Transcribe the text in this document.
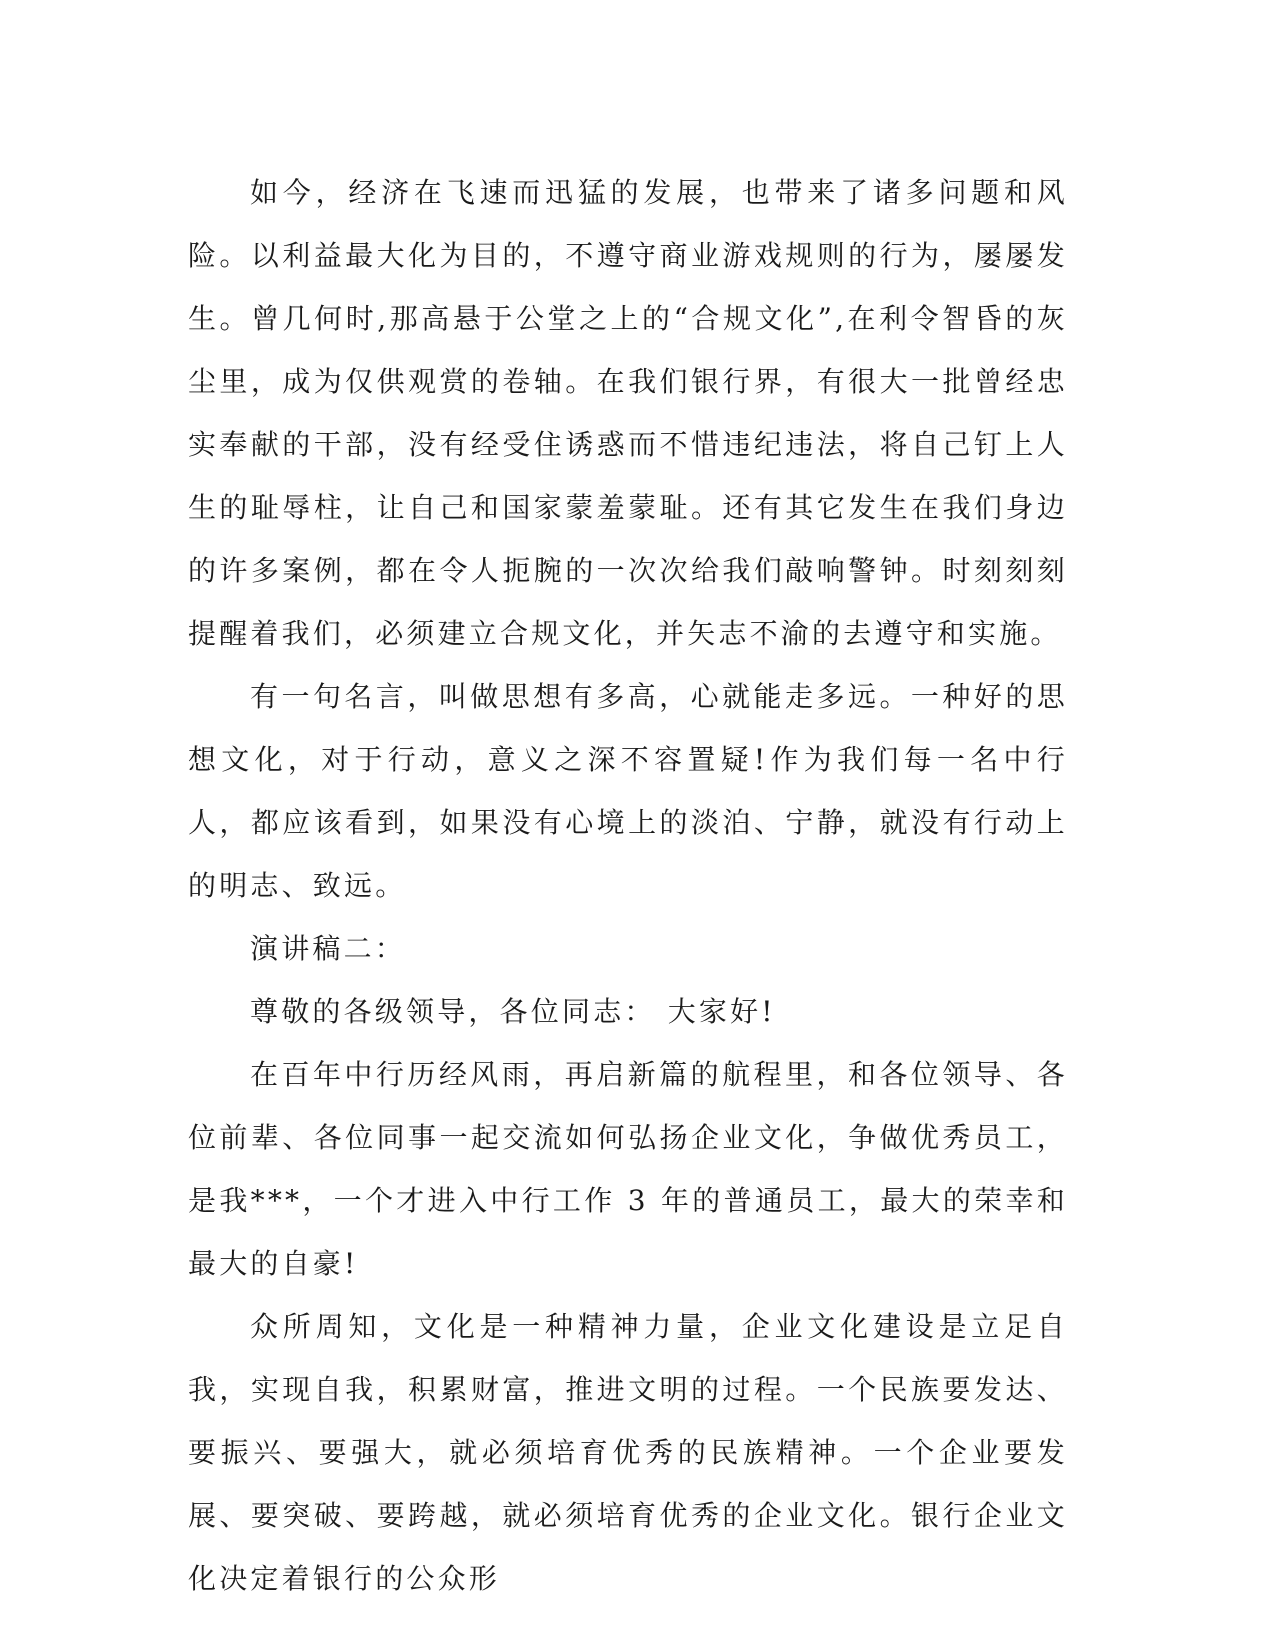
如今，经济在飞速而迅猛的发展，也带来了诸多问题和风险。以利益最大化为目的，不遵守商业游戏规则的行为，屡屡发生。曾几何时,那高悬于公堂之上的“合规文化”,在利令智昏的灰尘里，成为仅供观赏的卷轴。在我们银行界，有很大一批曾经忠实奉献的干部，没有经受住诱惑而不惜违纪违法，将自己钉上人生的耻辱柱，让自己和国家蒙羞蒙耻。还有其它发生在我们身边的许多案例，都在令人扼腕的一次次给我们敲响警钟。时刻刻刻提醒着我们，必须建立合规文化，并矢志不渝的去遵守和实施。

有一句名言，叫做思想有多高，心就能走多远。一种好的思想文化，对于行动，意义之深不容置疑!作为我们每一名中行人，都应该看到，如果没有心境上的淡泊、宁静，就没有行动上的明志、致远。

演讲稿二：

尊敬的各级领导，各位同志： 大家好!

在百年中行历经风雨，再启新篇的航程里，和各位领导、各位前辈、各位同事一起交流如何弘扬企业文化，争做优秀员工，是我***，一个才进入中行工作 3 年的普通员工，最大的荣幸和最大的自豪!

众所周知，文化是一种精神力量，企业文化建设是立足自我，实现自我，积累财富，推进文明的过程。一个民族要发达、要振兴、要强大，就必须培育优秀的民族精神。一个企业要发展、要突破、要跨越，就必须培育优秀的企业文化。银行企业文化决定着银行的公众形
